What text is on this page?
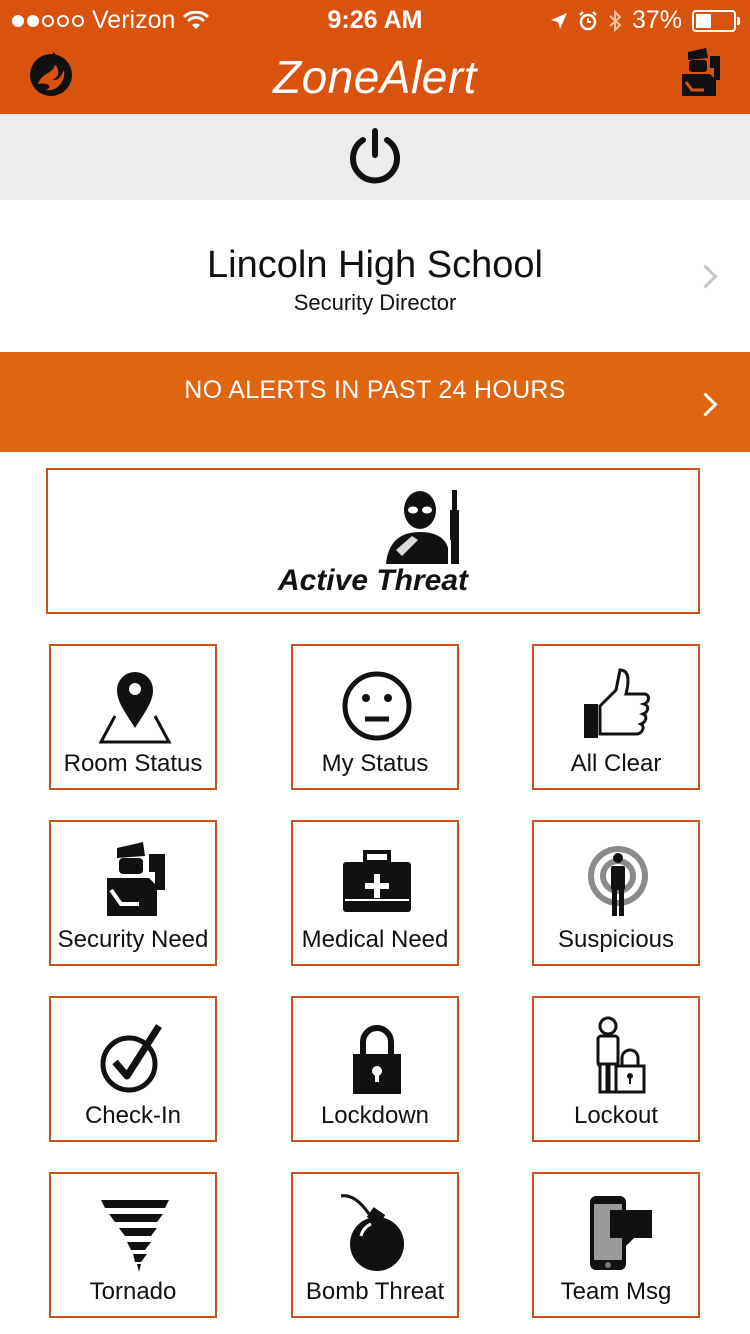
Verizon	9:26 AM	37%
ZoneAlert
Lincoln High School
Security Director
NO ALERTS IN PAST 24 HOURS
Active Threat
Room Status	My Status	All Clear
Security Need	Medical Need	Suspicious
Check-In	Lockdown	Lockout
Tornado	Bomb Threat	Team Msg
